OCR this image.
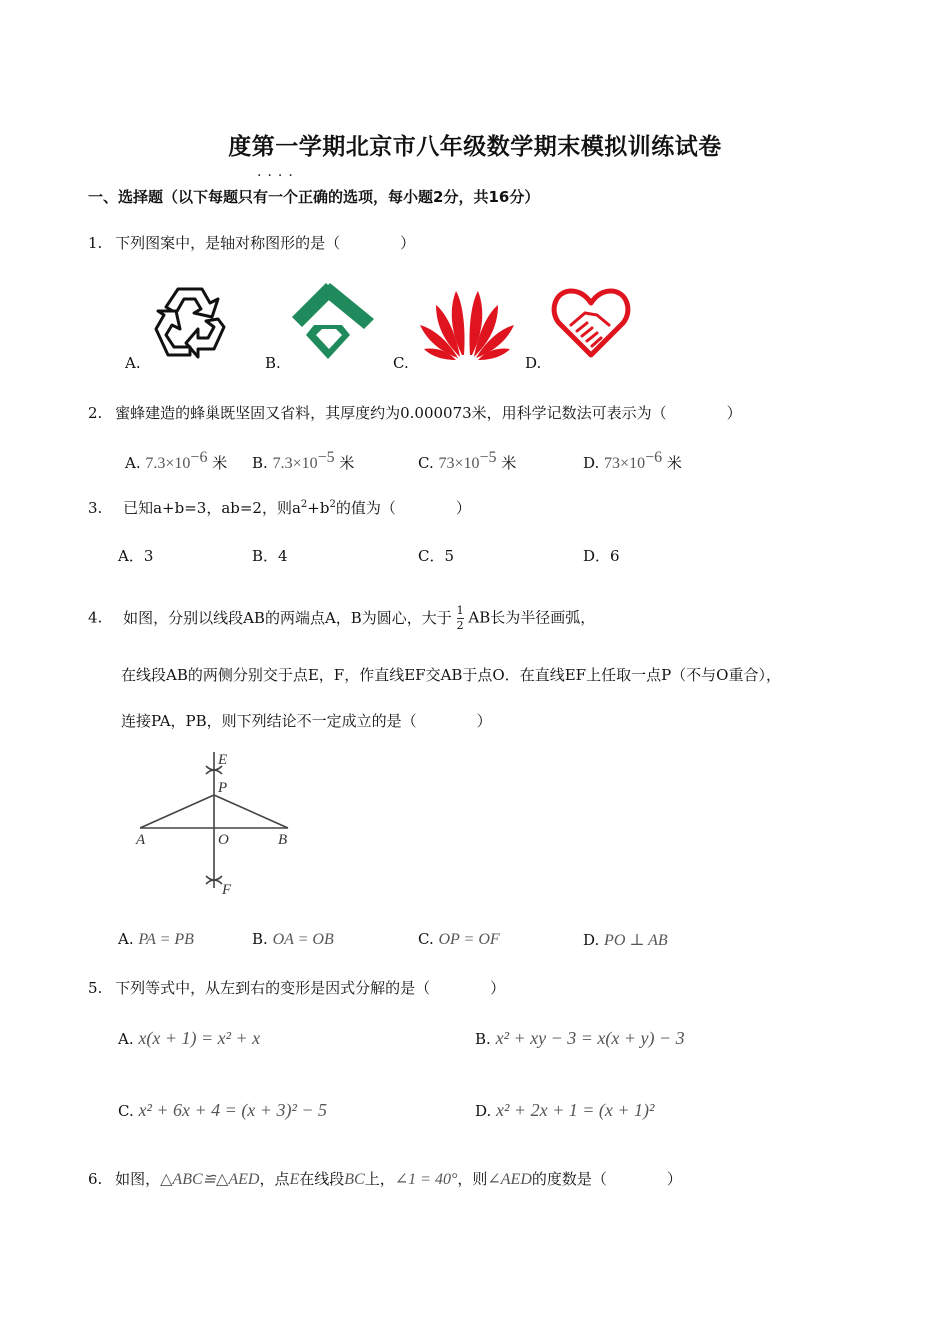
度第一学期北京市八年级数学期末模拟训练试卷
一、选择题（以下每题只有一个正确的选项，每小题2分，共16分）
····
1. 下列图案中，是轴对称图形的是（　　　　）
A.	B.	C.	D.
2. 蜜蜂建造的蜂巢既坚固又省料，其厚度约为0.000073米，用科学记数法可表示为（　　　　）
A. $7.3\times 10^{-6}$ 米 B. $7.3\times 10^{-5}$ 米	C. $73\times 10^{-5}$ 米	D. $73\times 10^{-6}$ 米
3. 已知a+b=3，ab=2，则$a^2+b^2$的值为（　　　　）
A．3	B．4	C．5	D．6
4. 如图，分别以线段AB的两端点A，B为圆心，大于 $\frac{1}{2}$ AB长为半径画弧，
在线段AB的两侧分别交于点E，F，作直线EF交AB于点O．在直线EF上任取一点P（不与O重合），
连接PA，PB，则下列结论不一定成立的是（　　　　）
E
P
A	O	B
F
A. PA = PB	B. OA = OB	C. OP = OF	D. PO ⊥ AB
5. 下列等式中，从左到右的变形是因式分解的是（　　　　）
A. x(x + 1) = x² + x	B. x² + xy − 3 = x(x + y) − 3
C. x² + 6x + 4 = (x + 3)² − 5	D. x² + 2x + 1 = (x + 1)²
6. 如图，△ABC≌△AED，点E在线段BC上，∠1 = 40°，则∠AED的度数是（　　　　）
